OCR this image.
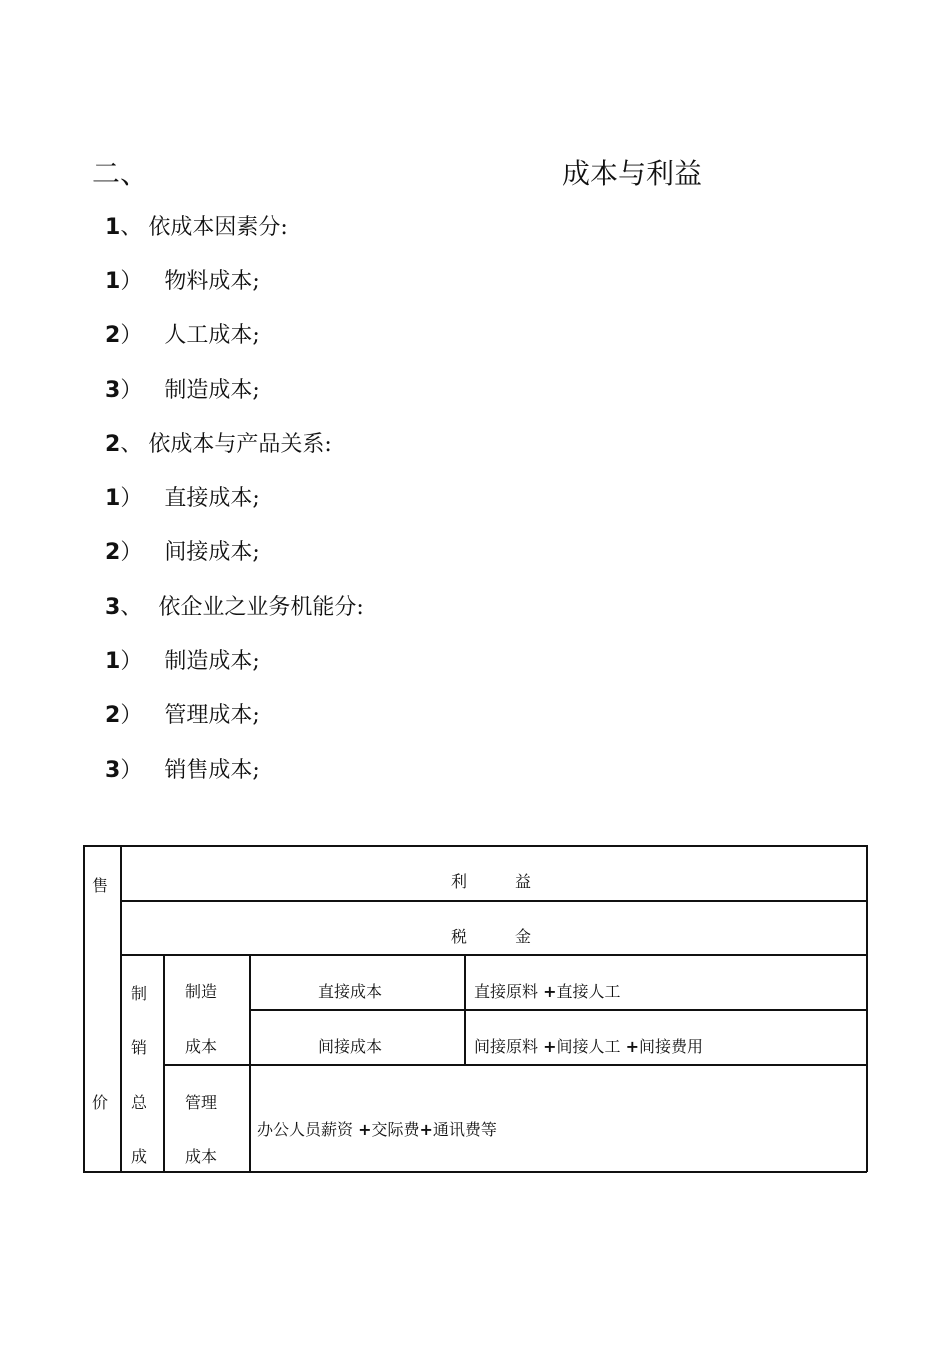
二、	成本与利益
1、 依成本因素分:
1） 物料成本;
2） 人工成本;
3） 制造成本;
2、 依成本与产品关系:
1） 直接成本;
2） 间接成本;
3、 依企业之业务机能分:
1） 制造成本;
2） 管理成本;
3） 销售成本;
售
价
利　　　益
税　　　金
制
销
总
成
制造
成本
管理
成本
直接成本
间接成本
直接原料 +直接人工
间接原料 +间接人工 +间接费用
办公人员薪资 +交际费+通讯费等
